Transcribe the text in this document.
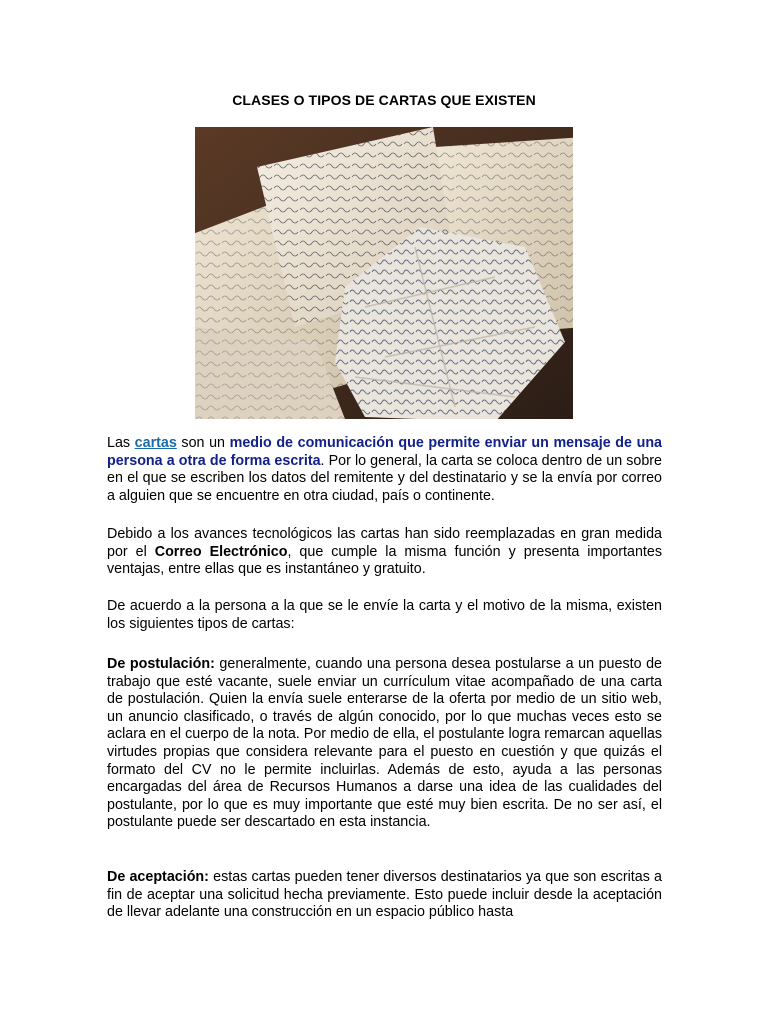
CLASES O TIPOS DE CARTAS QUE EXISTEN
Las cartas son un medio de comunicación que permite enviar un mensaje de una persona a otra de forma escrita. Por lo general, la carta se coloca dentro de un sobre en el que se escriben los datos del remitente y del destinatario y se la envía por correo a alguien que se encuentre en otra ciudad, país o continente.
Debido a los avances tecnológicos las cartas han sido reemplazadas en gran medida por el Correo Electrónico, que cumple la misma función y presenta importantes ventajas, entre ellas que es instantáneo y gratuito.
De acuerdo a la persona a la que se le envíe la carta y el motivo de la misma, existen los siguientes tipos de cartas:
De postulación: generalmente, cuando una persona desea postularse a un puesto de trabajo que esté vacante, suele enviar un currículum vitae acompañado de una carta de postulación. Quien la envía suele enterarse de la oferta por medio de un sitio web, un anuncio clasificado, o través de algún conocido, por lo que muchas veces esto se aclara en el cuerpo de la nota. Por medio de ella, el postulante logra remarcan aquellas virtudes propias que considera relevante para el puesto en cuestión y que quizás el formato del CV no le permite incluirlas. Además de esto, ayuda a las personas encargadas del área de Recursos Humanos a darse una idea de las cualidades del postulante, por lo que es muy importante que esté muy bien escrita. De no ser así, el postulante puede ser descartado en esta instancia.
De aceptación: estas cartas pueden tener diversos destinatarios ya que son escritas a fin de aceptar una solicitud hecha previamente. Esto puede incluir desde la aceptación de llevar adelante una construcción en un espacio público hasta
